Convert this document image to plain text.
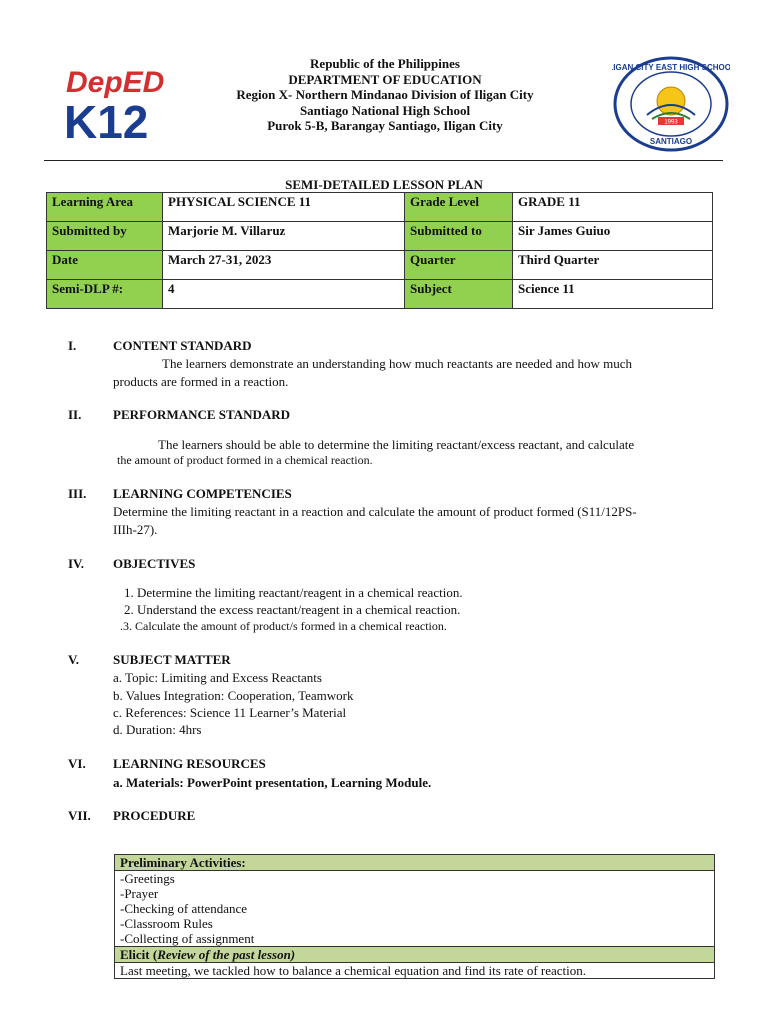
DepED
K12	1993
ILIGAN CITY EAST HIGH SCHOOL
SANTIAGO
Republic of the Philippines
DEPARTMENT OF EDUCATION
Region X- Northern Mindanao Division of Iligan City
Santiago National High School
Purok 5-B, Barangay Santiago, Iligan City
SEMI-DETAILED LESSON PLAN
Learning Area	PHYSICAL SCIENCE 11	Grade Level	GRADE 11
Submitted by	Marjorie M. Villaruz	Submitted to	Sir James Guiuo
Date	March 27-31, 2023	Quarter	Third Quarter
Semi-DLP #:	4	Subject	Science 11
I.	CONTENT STANDARD
The learners demonstrate an understanding how much reactants are needed and how much
products are formed in a reaction.
II. PERFORMANCE STANDARD
The learners should be able to determine the limiting reactant/excess reactant, and calculate
the amount of product formed in a chemical reaction.
III. LEARNING COMPETENCIES
Determine the limiting reactant in a reaction and calculate the amount of product formed (S11/12PS-
IIIh-27).
IV. OBJECTIVES
1. Determine the limiting reactant/reagent in a chemical reaction.
2. Understand the excess reactant/reagent in a chemical reaction.
.3. Calculate the amount of product/s formed in a chemical reaction.
V.	SUBJECT MATTER
a. Topic: Limiting and Excess Reactants
b. Values Integration: Cooperation, Teamwork
c. References: Science 11 Learner’s Material
d. Duration: 4hrs
VI. LEARNING RESOURCES
a. Materials: PowerPoint presentation, Learning Module.
VII. PROCEDURE
Preliminary Activities:

-Greetings
-Prayer
-Checking of attendance
-Classroom Rules
-Collecting of assignment

Elicit (Review of the past lesson)
Last meeting, we tackled how to balance a chemical equation and find its rate of reaction.
